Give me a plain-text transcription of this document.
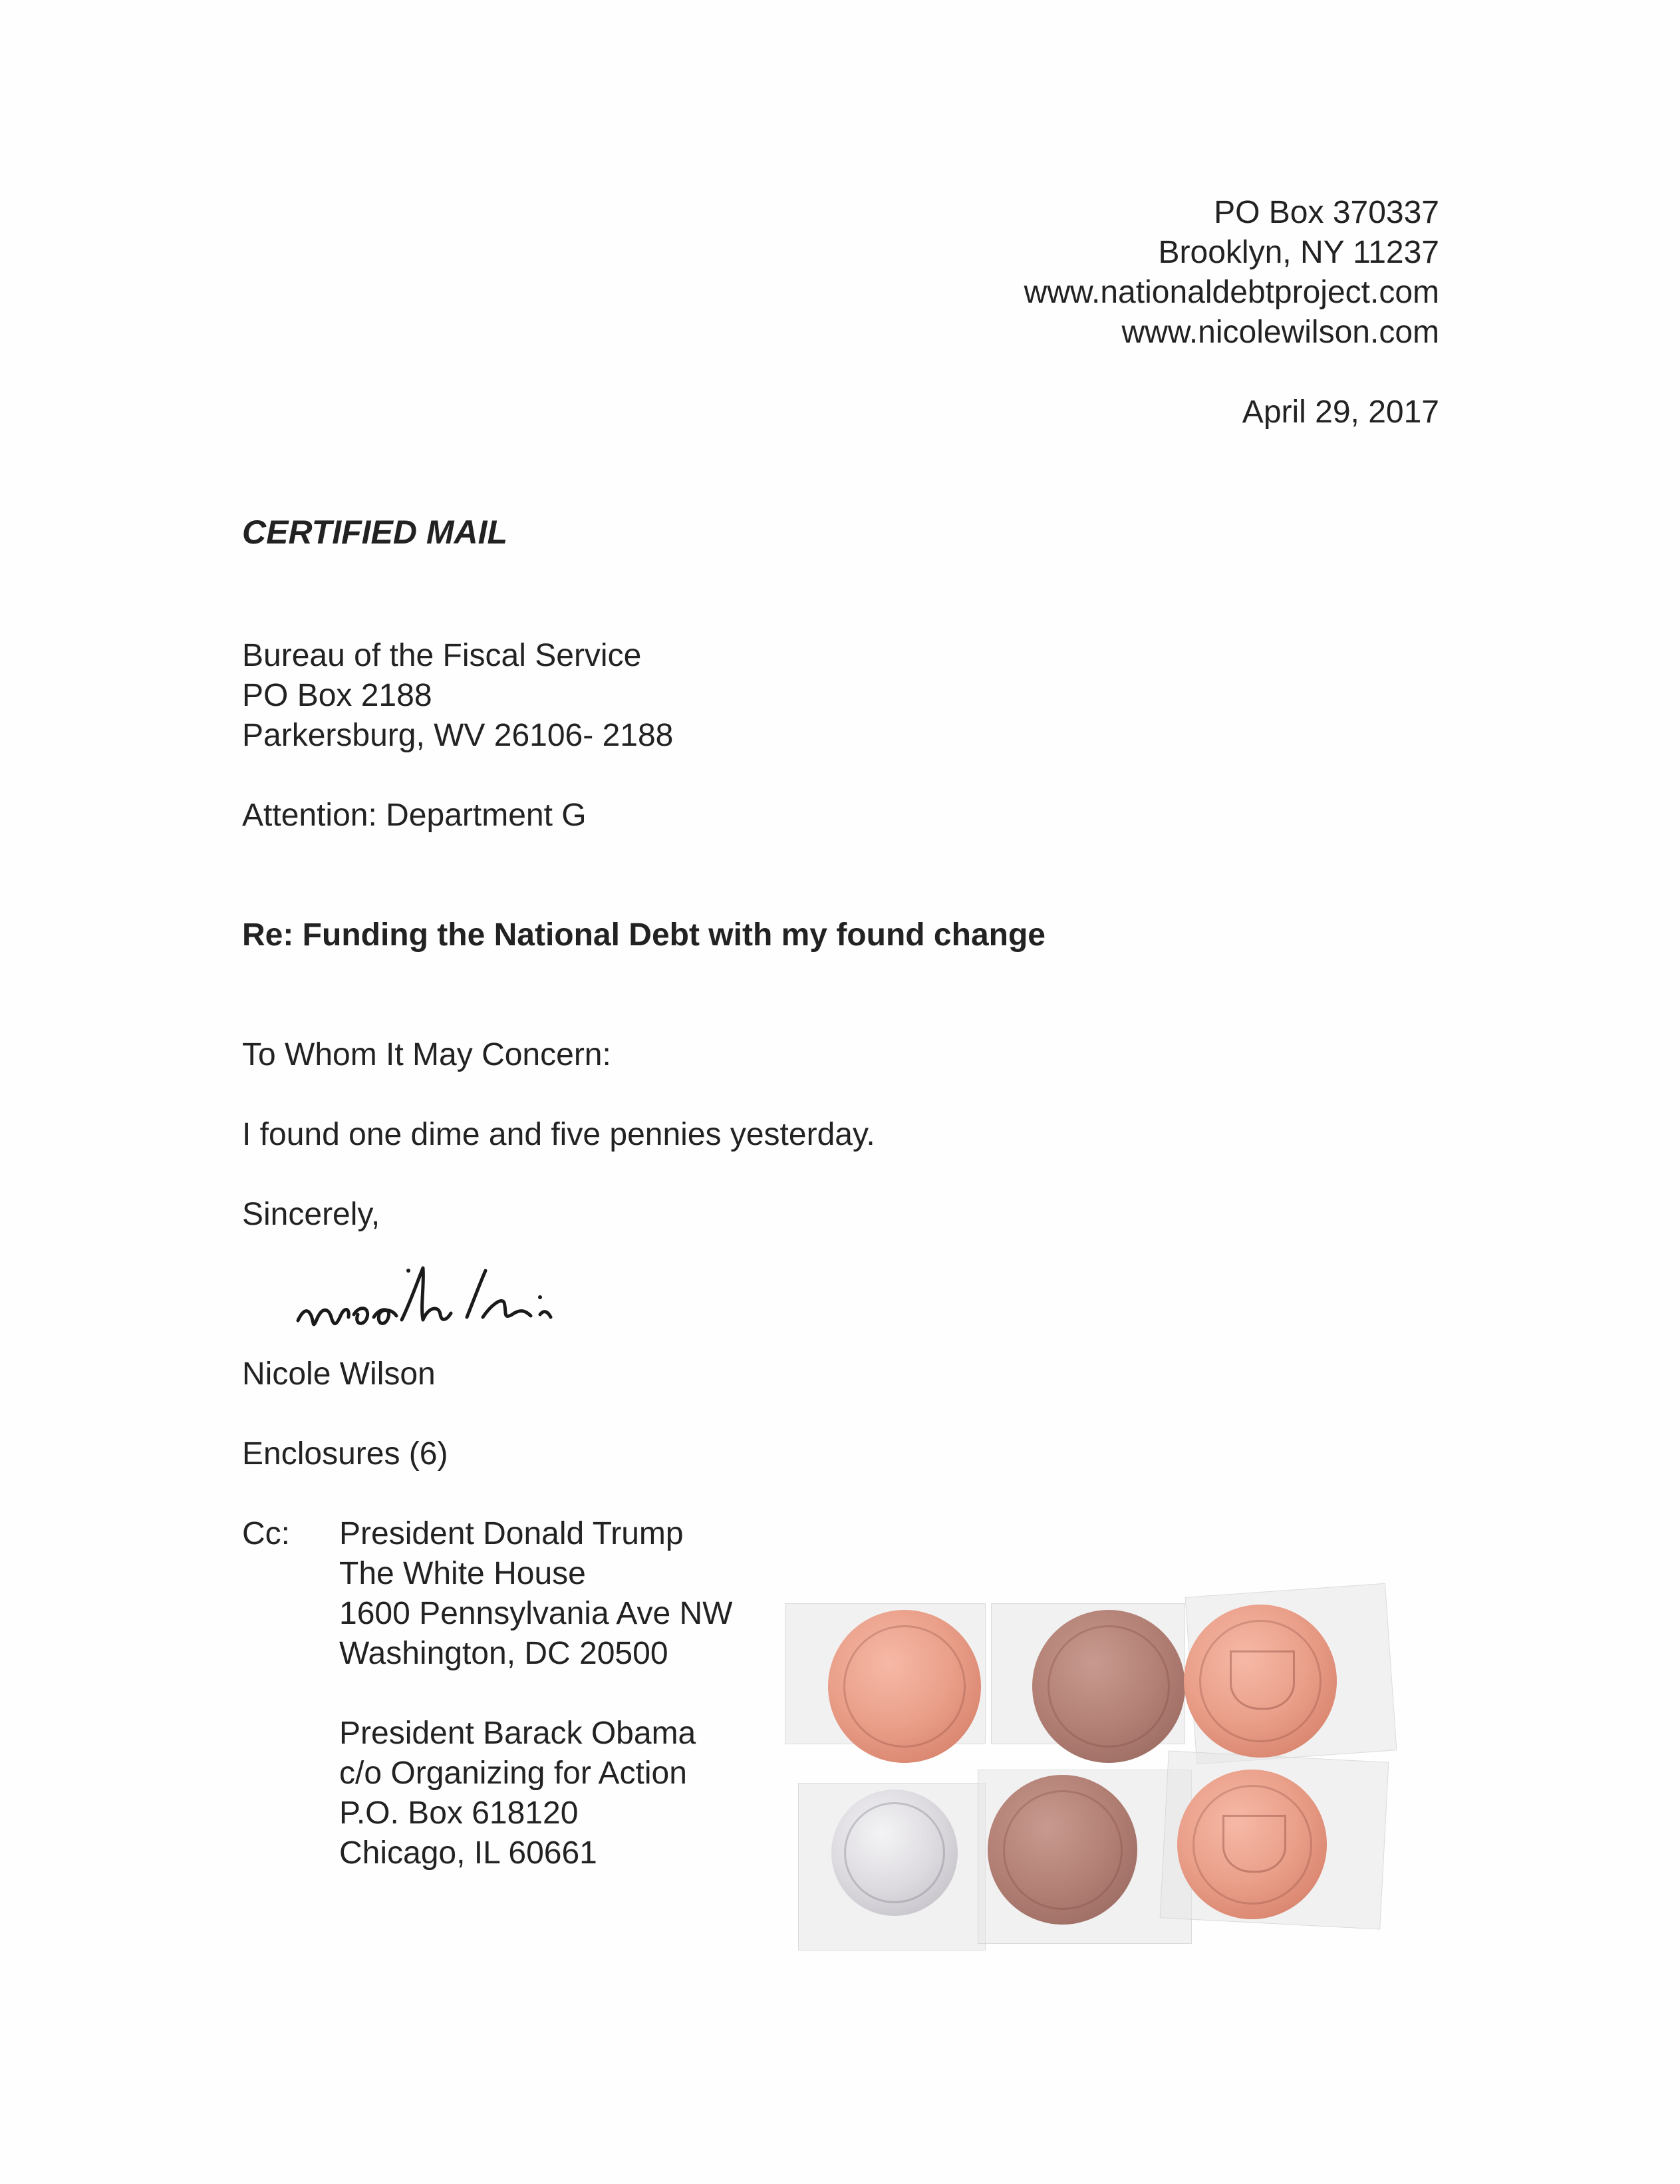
PO Box 370337
Brooklyn, NY 11237
www.nationaldebtproject.com
www.nicolewilson.com
April 29, 2017
CERTIFIED MAIL
Bureau of the Fiscal Service
PO Box 2188
Parkersburg, WV 26106- 2188
Attention: Department G
Re: Funding the National Debt with my found change
To Whom It May Concern:
I found one dime and five pennies yesterday.
Sincerely,
Nicole Wilson
Enclosures (6)
Cc: President Donald Trump
The White House
1600 Pennsylvania Ave NW
Washington, DC 20500
President Barack Obama
c/o Organizing for Action
P.O. Box 618120
Chicago, IL 60661
